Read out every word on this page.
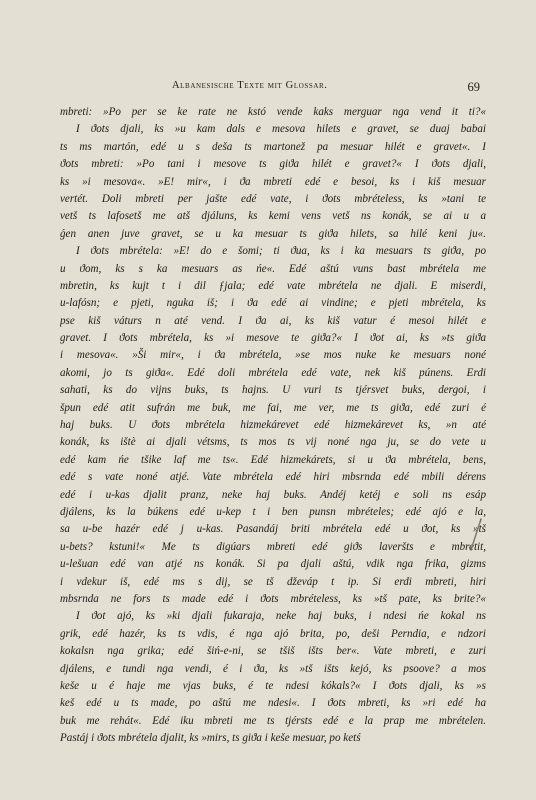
Albanesische Texte mit Glossar.	69
mbreti: »Po per se ke rate ne kstó vende kaks merguar nga vend it ti?«
I ϑots djali, ks »u kam dals e mesova hilets e gravet, se duaj babai
ts ms martón, edé u s deša ts martonež pa mesuar hilét e gravet«. I
ϑots mbreti: »Po tani i mesove ts giϑa hilét e gravet?« I ϑots djali,
ks »i mesova«. »E! mir«, i ϑa mbreti edé e besoi, ks i kiš mesuar
vertét. Doli mbreti per jašte edé vate, i ϑots mbrételess, ks »tani te
vetš ts lafosetš me atš djáluns, ks kemi vens vetš ns konák, se ai u a
ǵen anen juve gravet, se u ka mesuar ts giϑa hilets, sa hilé keni ju«.
I ϑots mbrétela: »E! do e šomi; ti ϑua, ks i ka mesuars ts giϑa, po
u ϑom, ks s ka mesuars as ńe«. Edé aštú vuns bast mbrétela me
mbretin, ks kujt t i dil ƒjala; edé vate mbrétela ne djali. E miserdi,
u-lafósn; e pjeti, nguka iš; i ϑa edé ai vindine; e pjeti mbrétela, ks
pse kiš váturs n até vend. I ϑa ai, ks kiš vatur é mesoi hilét e
gravet. I ϑots mbrétela, ks »i mesove te giϑa?« I ϑot ai, ks »ts giϑa
i mesova«. »Ši mir«, i ϑa mbrétela, »se mos nuke ke mesuars noné
akomi, jo ts giϑa«. Edé doli mbrétela edé vate, nek kiš púnens. Erdi
sahati, ks do vijns buks, ts hajns. U vuri ts tjérsvet buks, dergoi, i
špun edé atit sufrán me buk, me fai, me ver, me ts giϑa, edé zuri é
haj buks. U ϑots mbrétela hizmekárevet edé hizmekárevet ks, »n até
konák, ks ištè ai djali vétsms, ts mos ts vij noné nga ju, se do vete u
edé kam ńe tšike laf me ts«. Edé hizmekárets, si u ϑa mbrétela, bens,
edé s vate noné atjé. Vate mbrétela edé hiri mbsrnda edé mbili dérens
edé i u-kas djalit pranz, neke haj buks. Andéj ketéj e soli ns esáp
djálens, ks la búkens edé u-kep t i ben punsn mbrételes; edé ajó e la,
sa u-be hazér edé j u-kas. Pasandáj briti mbrétela edé u ϑot, ks »tš
u-bets? kstuni!« Me ts digúars mbreti edé giϑs laveršts e mbretit,
u-lešuan edé van atjé ns konák. Si pa djali aštú, vdik nga frika, gizms
i vdekur iš, edé ms s dij, se tš dževáp t ip. Si erdi mbreti, hiri
mbsrnda ne fors ts made edé i ϑots mbrételess, ks »tš pate, ks brite?«
I ϑot ajó, ks »ki djali fukaraja, neke haj buks, i ndesi ńe kokal ns
grik, edé hazér, ks ts vdis, é nga ajó brita, po, deši Perndia, e ndzori
kokalsn nga grika; edé šiń-e-ni, se tšiš išts ber«. Vate mbreti, e zuri
djálens, e tundi nga vendi, é i ϑa, ks »tš išts kejó, ks psoove? a mos
keše u é haje me vjas buks, é te ndesi kókals?« I ϑots djali, ks »s
keš edé u ts made, po aštú me ndesi«. I ϑots mbreti, ks »ri edé ha
buk me rehát«. Edé iku mbreti me ts tjérsts edé e la prap me mbrételen.
Pastáj i ϑots mbrétela djalit, ks »mirs, ts giϑa i keše mesuar, po ketś
